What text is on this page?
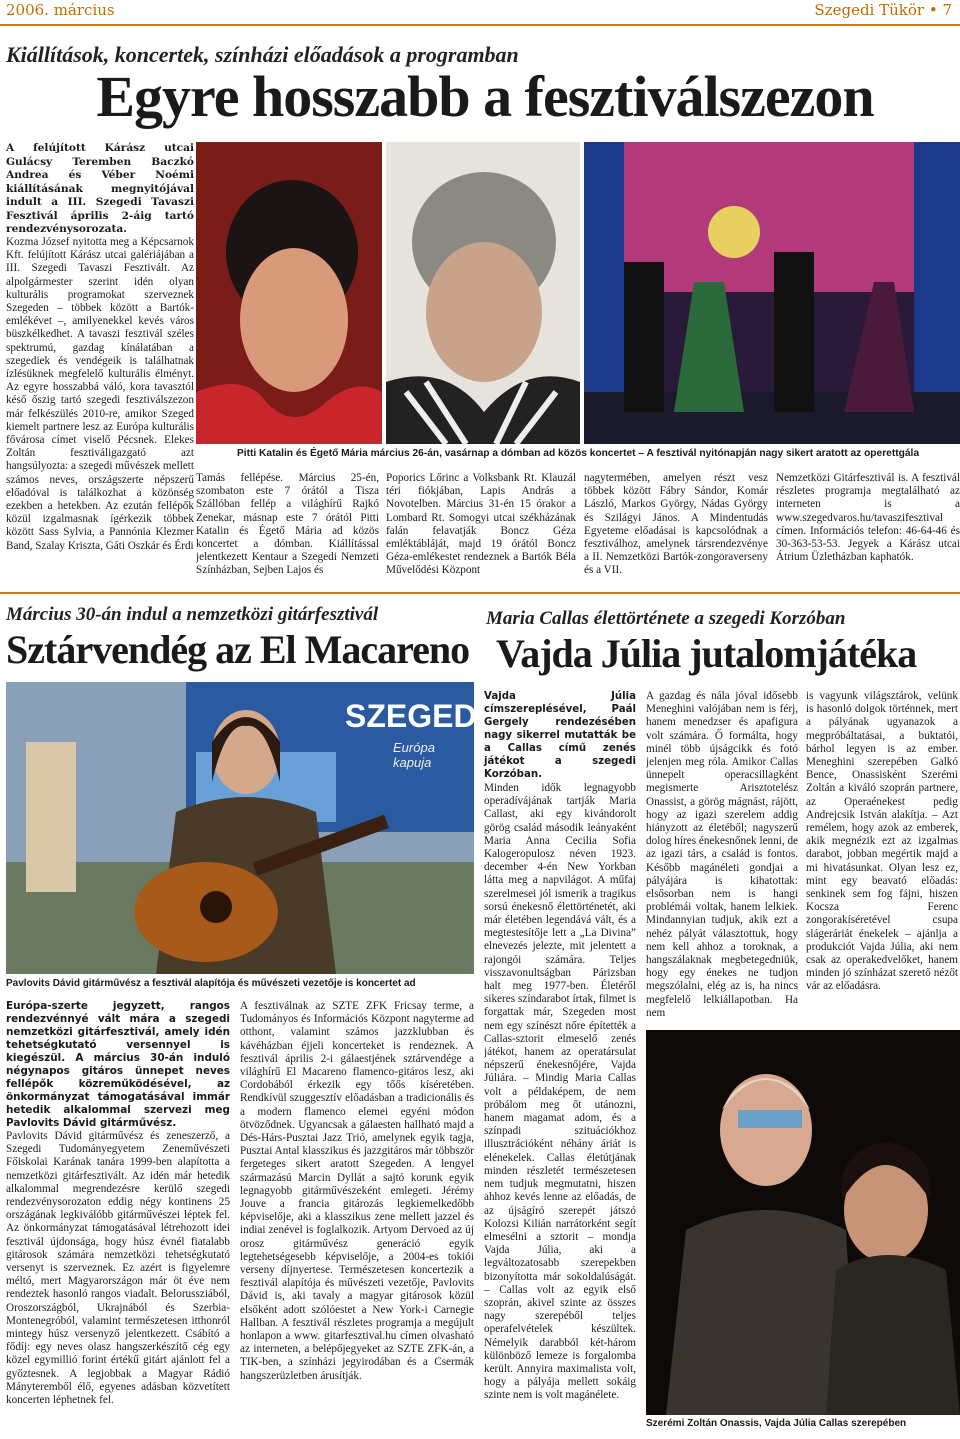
2006. március	Szegedi Tükör • 7
Kiállítások, koncertek, színházi előadások a programban
Egyre hosszabb a fesztiválszezon
A felújított Kárász utcai Gulácsy Teremben Baczkó Andrea és Véber Noémi kiállításának megnyitójával indult a III. Szegedi Tavaszi Fesztivál április 2-áig tartó rendezvénysorozata.
Kozma József nyitotta meg a Képcsarnok Kft. felújított Kárász utcai galériájában a III. Szegedi Tavaszi Fesztivált. Az alpolgármester szerint idén olyan kulturális programokat szerveznek Szegeden – többek között a Bartók-emlékévet –, amilyenekkel kevés város büszkélkedhet. A tavaszi fesztivál széles spektrumú, gazdag kínálatában a szegediek és vendégeik is találhatnak ízlésüknek megfelelő kulturális élményt. Az egyre hosszabbá váló, kora tavasztól késő őszig tartó szegedi fesztiválszezon már felkészülés 2010-re, amikor Szeged kiemelt partnere lesz az Európa kulturális fővárosa címet viselő Pécsnek. Elekes Zoltán fesztiváligazgató azt hangsúlyozta: a szegedi művészek mellett számos neves, országszerte népszerű előadóval is találkozhat a közönség ezekben a hetekben. Az ezután fellépők közül izgalmasnak ígérkezik többek között Sass Sylvia, a Pannónia Klezmer Band, Szalay Kriszta, Gáti Oszkár és Érdi
Pitti Katalin és Égető Mária március 26-án, vasárnap a dómban ad közös koncertet – A fesztivál nyitónapján nagy sikert aratott az operettgála
Tamás fellépése. Március 25-én, szombaton este 7 órától a Tisza Szállóban fellép a világhírű Rajkó Zenekar, másnap este 7 órától Pitti Katalin és Égető Mária ad közös koncertet a dómban. Kiállítással jelentkezett Kentaur a Szegedi Nemzeti Színházban, Sejben Lajos és
Poporics Lőrinc a Volksbank Rt. Klauzál téri fiókjában, Lapis András a Novotelben. Március 31-én 15 órakor a Lombard Rt. Somogyi utcai székházának falán felavatják Boncz Géza emléktábláját, majd 19 órától Boncz Géza-emlékestet rendeznek a Bartók Béla Művelődési Központ
nagytermében, amelyen részt vesz többek között Fábry Sándor, Komár László, Markos György, Nádas György és Szilágyi János. A Mindentudás Egyeteme előadásai is kapcsolódnak a fesztiválhoz, amelynek társrendezvénye a II. Nemzetközi Bartók-zongoraverseny és a VII.
Nemzetközi Gitárfesztivál is. A fesztivál részletes programja megtalálható az interneten is a www.szegedvaros.hu/tavaszifesztival címen. Információs telefon: 46-64-46 és 30-363-53-53. Jegyek a Kárász utcai Átrium Üzletházban kaphatók.
Március 30-án indul a nemzetközi gitárfesztivál
Sztárvendég az El Macareno
SZEGED
Európa kapuja
Pavlovits Dávid gitárművész a fesztivál alapítója és művészeti vezetője is koncertet ad
Európa-szerte jegyzett, rangos rendezvénnyé vált mára a szegedi nemzetközi gitárfesztivál, amely idén tehetségkutató versennyel is kiegészül. A március 30-án induló négynapos gitáros ünnepet neves fellépők közreműködésével, az önkormányzat támogatásával immár hetedik alkalommal szervezi meg Pavlovits Dávid gitárművész.
Pavlovits Dávid gitárművész és zeneszerző, a Szegedi Tudományegyetem Zeneművészeti Főiskolai Karának tanára 1999-ben alapította a nemzetközi gitárfesztivált. Az idén már hetedik alkalommal megrendezésre kerülő szegedi rendezvénysorozaton eddig négy kontinens 25 országának legkiválóbb gitárművészei léptek fel. Az önkormányzat támogatásával létrehozott idei fesztivál újdonsága, hogy húsz évnél fiatalabb gitárosok számára nemzetközi tehetségkutató versenyt is szerveznek. Ez azért is figyelemre méltó, mert Magyarországon már öt éve nem rendeztek hasonló rangos viadalt. Belorussziából, Oroszországból, Ukrajnából és Szerbia-Montenegróból, valamint természetesen itthonról mintegy húsz versenyző jelentkezett. Csábító a fődíj: egy neves olasz hangszerkészítő cég egy közel egymillió forint értékű gitárt ajánlott fel a győztesnek. A legjobbak a Magyar Rádió Mányteremből élő, egyenes adásban közvetített koncerten léphetnek fel.
A fesztiválnak az SZTE ZFK Fricsay terme, a Tudományos és Információs Központ nagyterme ad otthont, valamint számos jazzklubban és kávéházban éjjeli koncerteket is rendeznek. A fesztivál április 2-i gálaestjének sztárvendége a világhírű El Macareno flamenco-gitáros lesz, aki Cordobából érkezik egy tőős kíséretében. Rendkívül szuggesztív előadásban a tradicionális és a modern flamenco elemei egyéni módon ötvöződnek. Ugyancsak a gálaesten hallható majd a Dés-Hárs-Pusztai Jazz Trió, amelynek egyik tagja, Pusztai Antal klasszikus és jazzgitáros már többször fergeteges sikert aratott Szegeden. A lengyel származású Marcin Dyllát a sajtó korunk egyik legnagyobb gitárművészeként emlegeti. Jérémy Jouve a francia gitározás legkiemelkedőbb képviselője, aki a klasszikus zene mellett jazzel és indiai zenével is foglalkozik. Artyom Dervoed az új orosz gitárművész generáció egyik legtehetségesebb képviselője, a 2004-es tokiói verseny díjnyertese. Természetesen koncertezik a fesztivál alapítója és művészeti vezetője, Pavlovits Dávid is, aki tavaly a magyar gitárosok közül elsőként adott szólóestet a New York-i Carnegie Hallban. A fesztivál részletes programja a megújult honlapon a www. gitarfesztival.hu címen olvasható az interneten, a belépőjegyeket az SZTE ZFK-án, a TIK-ben, a színházi jegyirodában és a Csermák hangszerüzletben árusítják.
Maria Callas élettörténete a szegedi Korzóban
Vajda Júlia jutalomjátéka
Vajda Júlia címszereplésével, Paál Gergely rendezésében nagy sikerrel mutatták be a Callas című zenés játékot a szegedi Korzóban.
Minden idők legnagyobb operadívájának tartják Maria Callast, aki egy kivándorolt görög család második leányaként Maria Anna Cecilia Sofia Kalogeropulosz néven 1923. december 4-én New Yorkban látta meg a napvilágot. A műfaj szerelmesei jól ismerik a tragikus sorsú énekesnő élettörténetét, aki már életében legendává vált, és a megtestesítője lett a „La Divina” elnevezés jelezte, mit jelentett a rajongói számára. Teljes visszavonultságban Párizsban halt meg 1977-ben. Életéről sikeres színdarabot írtak, filmet is forgattak már, Szegeden most nem egy színészt nőre építették a Callas-sztorit elmeselő zenés játékot, hanem az operatársulat népszerű énekesnőjére, Vajda Júliára. – Mindig Maria Callas volt a példaképem, de nem próbálom meg őt utánozni, hanem magamat adom, és a színpadi szituációkhoz illusztrációként néhány áriát is elénekelek. Callas életútjának minden részletét természetesen nem tudjuk megmutatni, hiszen ahhoz kevés lenne az előadás, de az újságíró szerepét játszó Kolozsi Kilián narrátorként segít elmesélni a sztorit – mondja Vajda Júlia, aki a legváltozatosabb szerepekben bizonyította már sokoldalúságát. – Callas volt az egyik első szoprán, akivel szinte az összes nagy szerepéből teljes operafelvételek készültek. Némelyik darabból két-három különböző lemeze is forgalomba került. Annyira maximalista volt, hogy a pályája mellett sokáig szinte nem is volt magánélete.
A gazdag és nála jóval idősebb Meneghini valójában nem is férj, hanem menedzser és apafigura volt számára. Ő formálta, hogy minél több újságcikk és fotó jelenjen meg róla. Amikor Callas ünnepelt operacsillagként megismerte Arisztotelész Onassist, a görög mágnást, rájött, hogy az igazi szerelem addig hiányzott az életéből; nagyszerű dolog híres énekesnőnek lenni, de az igazi társ, a család is fontos. Később magánéleti gondjai a pályájára is kihatottak: elsősorban nem is hangi problémái voltak, hanem lelkiek. Mindannyian tudjuk, akik ezt a nehéz pályát választottuk, hogy nem kell ahhoz a toroknak, a hangszálaknak megbetegedniük, hogy egy énekes ne tudjon megszólalni, elég az is, ha nincs megfelelő lelkiállapotban. Ha nem
is vagyunk világsztárok, velünk is hasonló dolgok történnek, mert a pályának ugyanazok a megpróbáltatásai, a buktatói, bárhol legyen is az ember. Meneghini szerepében Galkó Bence, Onassisként Szerémi Zoltán a kiváló szoprán partnere, az Operaénekest pedig Andrejcsik István alakítja. – Azt remélem, hogy azok az emberek, akik megnézik ezt az izgalmas darabot, jobban megértik majd a mi hivatásunkat. Olyan lesz ez, mint egy beavató előadás: senkinek sem fog fájni, hiszen Kocsza Ferenc zongorakíséretével csupa slágeráriát énekelek – ajánlja a produkciót Vajda Júlia, aki nem csak az operakedvelőket, hanem minden jó színházat szerető nézőt vár az előadásra.
Szerémi Zoltán Onassis, Vajda Júlia Callas szerepében
